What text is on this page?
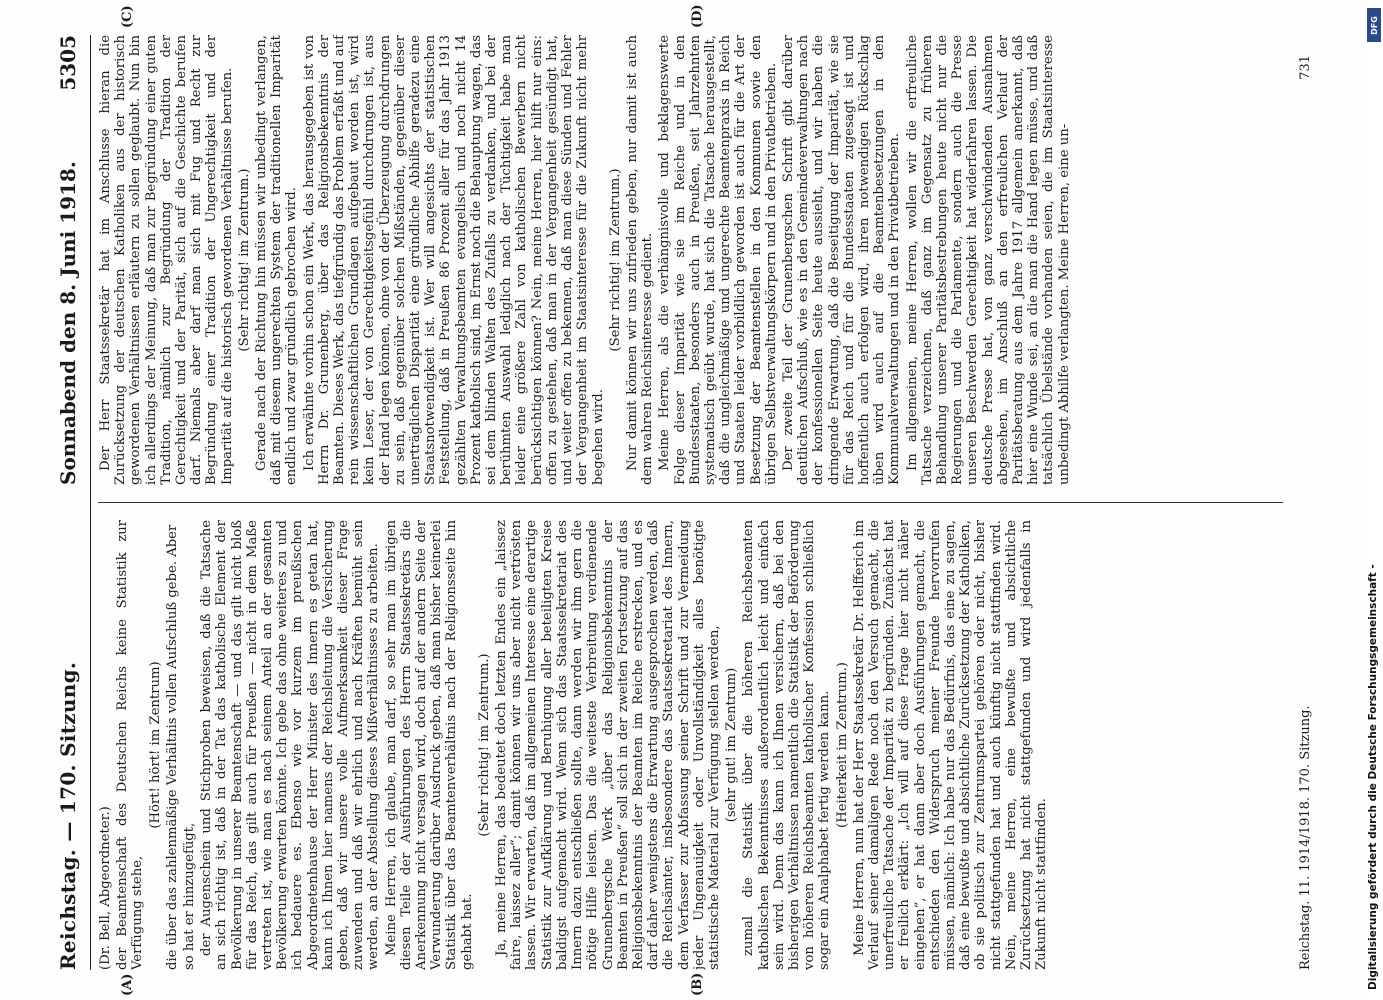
Reichstag. — 170. Sitzung.
5305
Sonnabend den 8. Juni 1918.
(A)	(B)
(C)	(D)

(Dr. Bell, Abgeordneter.) der Beamtenschaft des Deutschen Reichs keine Statistik zur Verfügung stehe,

(Hört! hört! im Zentrum) die über das zahlenmäßige Verhältnis vollen Aufschluß gebe. Aber so hat er hinzugefügt, der Augenschein und Stichproben beweisen, daß die Tatsache an sich richtig ist, daß in der Tat das katholische Element der Bevölkerung in unserer Beamtenschaft — und das gilt nicht bloß für das Reich, das gilt auch für Preußen — nicht in dem Maße vertreten ist, wie man es nach seinem Anteil an der gesamten Bevölkerung erwarten könnte. Ich gebe das ohne weiteres zu und ich bedauere es. Ebenso wie vor kurzem im preußischen Abgeordnetenhause der Herr Minister des Innern es getan hat, kann ich Ihnen hier namens der Reichsleitung die Versicherung geben, daß wir unsere volle Aufmerksamkeit dieser Frage zuwenden und daß wir ehrlich und nach Kräften bemüht sein werden, an der Abstellung dieses Mißverhältnisses zu arbeiten. Meine Herren, ich glaube, man darf, so sehr man im übrigen diesen Teile der Ausführungen des Herrn Staatssekretärs die Anerkennung nicht versagen wird, doch auf der andern Seite der Verwunderung darüber Ausdruck geben, daß man bisher keinerlei Statistik über das Beamtenverhältnis nach der Religionsseite hin gehabt hat.

(Sehr richtig! im Zentrum.) Ja, meine Herren, das bedeutet doch letzten Endes ein „laissez faire, laissez aller“; damit können wir uns aber nicht vertrösten lassen. Wir erwarten, daß im allgemeinen Interesse eine derartige Statistik zur Aufklärung und Beruhigung aller beteiligten Kreise baldigst aufgemacht wird. Wenn sich das Staatssekretariat des Innern dazu entschließen sollte, dann werden wir ihm gern die nötige Hilfe leisten. Das die weiteste Verbreitung verdienende Grunenbergsche Werk „über das Religionsbekenntnis der Beamten in Preußen“ soll sich in der zweiten Fortsetzung auf das Religionsbekenntnis der Beamten im Reiche erstrecken, und es darf daher wenigstens die Erwartung ausgesprochen werden, daß die Reichsämter, insbesondere das Staatssekretariat des Innern, dem Verfasser zur Abfassung seiner Schrift und zur Vermeidung jeder Ungenauigkeit oder Unvollständigkeit alles benötigte statistische Material zur Verfügung stellen werden, (sehr gut! im Zentrum) zumal die Statistik über die höheren Reichsbeamten katholischen Bekenntnisses außerordentlich leicht und einfach sein wird. Denn das kann ich Ihnen versichern, daß bei den bisherigen Verhältnissen namentlich die Statistik der Beförderung von höheren Reichsbeamten katholischer Konfession schließlich sogar ein Analphabet fertig werden kann. (Heiterkeit im Zentrum.) Meine Herren, nun hat der Herr Staatssekretär Dr. Helfferich im Verlauf seiner damaligen Rede noch den Versuch gemacht, die unerfreuliche Tatsache der Imparität zu begründen. Zunächst hat er freilich erklärt: „Ich will auf diese Frage hier nicht näher eingehen“, er hat dann aber doch Ausführungen gemacht, die entschieden den Widerspruch meiner Freunde hervorrufen müssen, nämlich: Ich habe nur das Bedürfnis, das eine zu sagen, daß eine bewußte und absichtliche Zurücksetzung der Katholiken, ob sie politisch zur Zentrumspartei gehören oder nicht, bisher nicht stattgefunden hat und auch künftig nicht stattfinden wird. Nein, meine Herren, eine bewußte und absichtliche Zurücksetzung hat nicht stattgefunden und wird jedenfalls in Zukunft nicht stattfinden.

Der Herr Staatssekretär hat im Anschlusse hieran die Zurücksetzung der deutschen Katholiken aus der historisch gewordenen Verhältnissen erläutern zu sollen geglaubt. Nun bin ich allerdings der Meinung, daß man zur Begründung einer guten Tradition, nämlich zur Begründung der Tradition der Gerechtigkeit und der Parität, sich auf die Geschichte berufen darf. Niemals aber darf man sich mit Fug und Recht zur Begründung einer Tradition der Ungerechtigkeit und der Imparität auf die historisch gewordenen Verhältnisse berufen. (Sehr richtig! im Zentrum.) Gerade nach der Richtung hin müssen wir unbedingt verlangen, daß mit diesem ungerechten System der traditionellen Imparität endlich und zwar gründlich gebrochen wird. Ich erwähnte vorhin schon ein Werk, das herausgegeben ist von Herrn Dr. Grunenberg, über das Religionsbekenntnis der Beamten. Dieses Werk, das tiefgründig das Problem erfaßt und auf rein wissenschaftlichen Grundlagen aufgebaut worden ist, wird kein Leser, der von Gerechtigkeitsgefühl durchdrungen ist, aus der Hand legen können, ohne von der Überzeugung durchdrungen zu sein, daß gegenüber solchen Mißständen, gegenüber dieser unerträglichen Disparität eine gründliche Abhilfe geradezu eine Staatsnotwendigkeit ist. Wer will angesichts der statistischen Feststellung, daß in Preußen 86 Prozent aller für das Jahr 1913 gezählten Verwaltungsbeamten evangelisch und noch nicht 14 Prozent katholisch sind, im Ernst noch die Behauptung wagen, das sei dem blinden Walten des Zufalls zu verdanken, und bei der berühmten Auswahl lediglich nach der Tüchtigkeit habe man leider eine größere Zahl von katholischen Bewerbern nicht berücksichtigen können? Nein, meine Herren, hier hilft nur eins: offen zu gestehen, daß man in der Vergangenheit gesündigt hat, und weiter offen zu bekennen, daß man diese Sünden und Fehler der Vergangenheit im Staatsinteresse für die Zukunft nicht mehr begehen wird.

(Sehr richtig! im Zentrum.) Nur damit können wir uns zufrieden geben, nur damit ist auch dem wahren Reichsinteresse gedient. Meine Herren, als die verhängnisvolle und beklagenswerte Folge dieser Imparität wie sie im Reiche und in den Bundesstaaten, besonders auch in Preußen, seit Jahrzehnten systematisch geübt wurde, hat sich die Tatsache herausgestellt, daß die ungleichmäßige und ungerechte Beamtenpraxis in Reich und Staaten leider vorbildlich geworden ist auch für die Art der Besetzung der Beamtenstellen in den Kommunen sowie den übrigen Selbstverwaltungskörpern und in den Privatbetrieben. Der zweite Teil der Grunenbergschen Schrift gibt darüber deutlichen Aufschluß, wie es in den Gemeindeverwaltungen nach der konfessionellen Seite heute aussieht, und wir haben die dringende Erwartung, daß die Beseitigung der Imparität, wie sie für das Reich und für die Bundesstaaten zugesagt ist und hoffentlich auch erfolgen wird, ihren notwendigen Rückschlag üben wird auch auf die Beamtenbesetzungen in den Kommunalverwaltungen und in den Privatbetrieben. Im allgemeinen, meine Herren, wollen wir die erfreuliche Tatsache verzeichnen, daß ganz im Gegensatz zu früheren Behandlung unserer Paritätsbestrebungen heute nicht nur die Regierungen und die Parlamente, sondern auch die Presse unseren Beschwerden Gerechtigkeit hat widerfahren lassen. Die deutsche Presse hat, von ganz verschwindenden Ausnahmen abgesehen, im Anschluß an den erfreulichen Verlauf der Paritätsberatung aus dem Jahre 1917 allgemein anerkannt, daß hier eine Wunde sei, an die man die Hand legen müsse, und daß tatsächlich Übelstände vorhanden seien, die im Staatsinteresse unbedingt Abhilfe verlangten. Meine Herren, eine un-

Reichstag. 11. 1914/1918. 170. Sitzung.
731
DFG
Digitalisierung gefördert durch die Deutsche Forschungsgemeinschaft -
